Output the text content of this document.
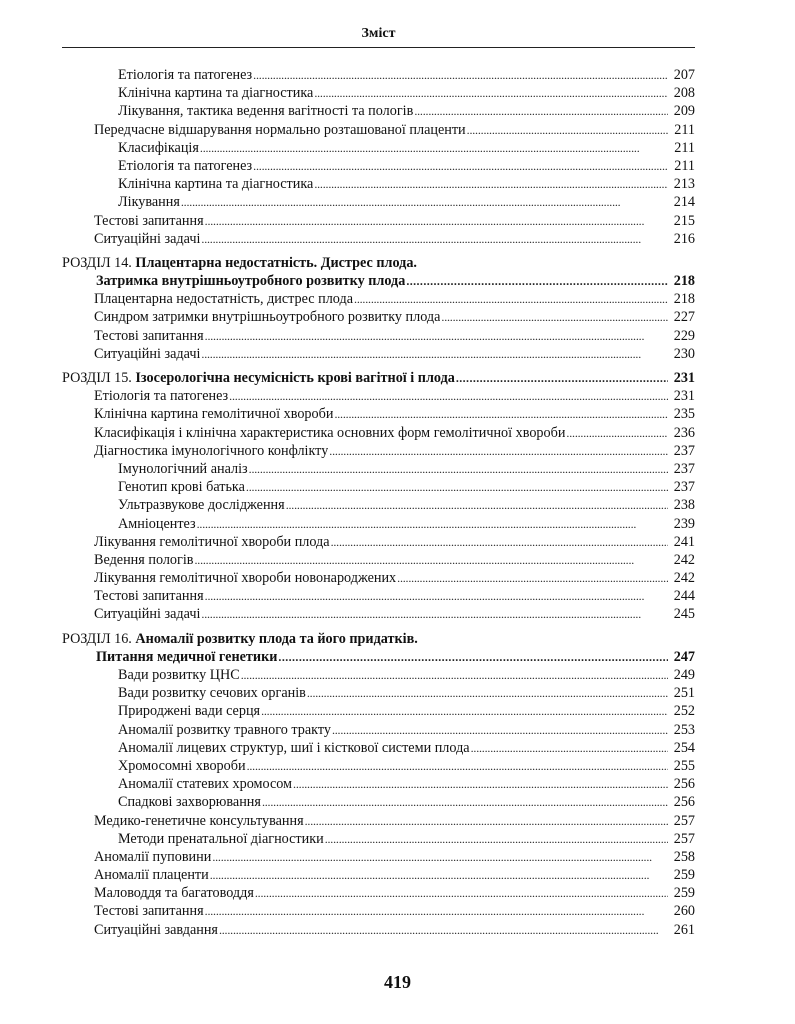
Зміст
Етіологія та патогенез . . .	207
Клінічна картина та діагностика . . .	208
Лікування, тактика ведення вагітності та пологів . . .	209
Передчасне відшарування нормально розташованої плаценти . . .	211
Класифікація . . .	211
Етіологія та патогенез . . .	211
Клінічна картина та діагностика . . .	213
Лікування . . .	214
Тестові запитання . . .	215
Ситуаційні задачі . . .	216
РОЗДІЛ 14. Плацентарна недостатність. Дистрес плода.
Затримка внутрішньоутробного розвитку плода . . .	218
Плацентарна недостатність, дистрес плода . . .	218
Синдром затримки внутрішньоутробного розвитку плода . . .	227
Тестові запитання . . .	229
Ситуаційні задачі . . .	230
РОЗДІЛ 15. Ізосерологічна несумісність крові вагітної і плода . . .	231
Етіологія та патогенез . . .	231
Клінічна картина гемолітичної хвороби . . .	235
Класифікація і клінічна характеристика основних форм гемолітичної хвороби . . .	236
Діагностика імунологічного конфлікту . . .	237
Імунологічний аналіз . . .	237
Генотип крові батька . . .	237
Ультразвукове дослідження . . .	238
Амніоцентез . . .	239
Лікування гемолітичної хвороби плода . . .	241
Ведення пологів . . .	242
Лікування гемолітичної хвороби новонароджених . . .	242
Тестові запитання . . .	244
Ситуаційні задачі . . .	245
РОЗДІЛ 16. Аномалії розвитку плода та його придатків.
Питання медичної генетики . . .	247
Вади розвитку ЦНС . . .	249
Вади розвитку сечових органів . . .	251
Природжені вади серця . . .	252
Аномалії розвитку травного тракту . . .	253
Аномалії лицевих структур, шиї і кісткової системи плода . . .	254
Хромосомні хвороби . . .	255
Аномалії статевих хромосом . . .	256
Спадкові захворювання . . .	256
Медико-генетичне консультування . . .	257
Методи пренатальної діагностики . . .	257
Аномалії пуповини . . .	258
Аномалії плаценти . . .	259
Маловоддя та багатоводдя . . .	259
Тестові запитання . . .	260
Ситуаційні завдання . . .	261
419
